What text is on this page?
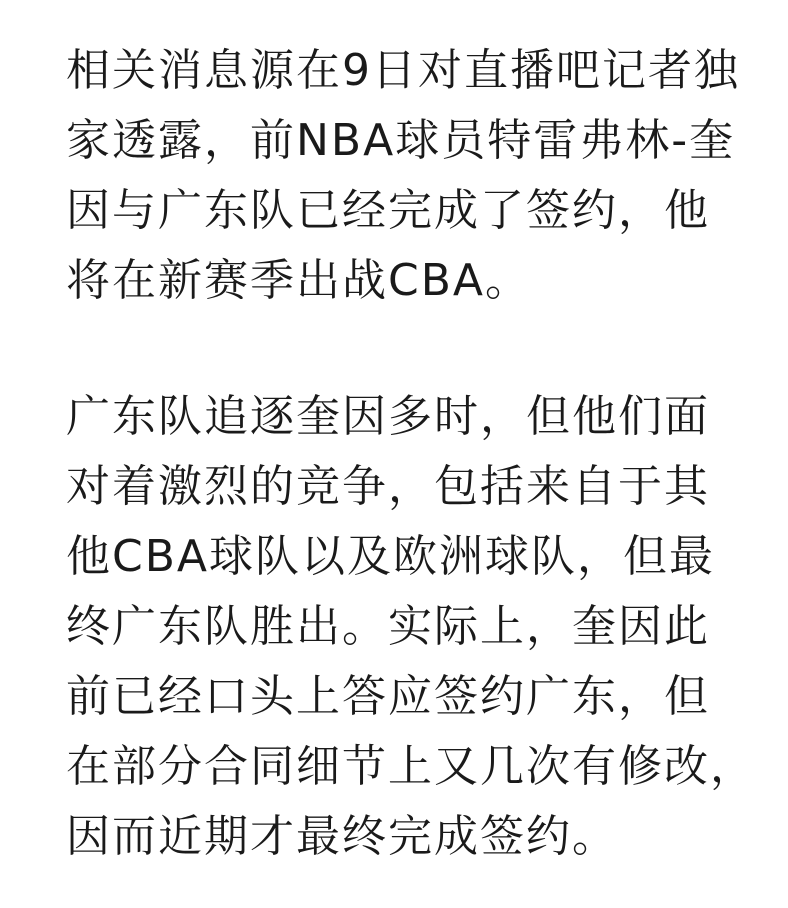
相关消息源在9日对直播吧记者独
家透露，前NBA球员特雷弗林-奎
因与广东队已经完成了签约，他
将在新赛季出战CBA。

广东队追逐奎因多时，但他们面
对着激烈的竞争，包括来自于其
他CBA球队以及欧洲球队，但最
终广东队胜出。实际上，奎因此
前已经口头上答应签约广东，但
在部分合同细节上又几次有修改，
因而近期才最终完成签约。
